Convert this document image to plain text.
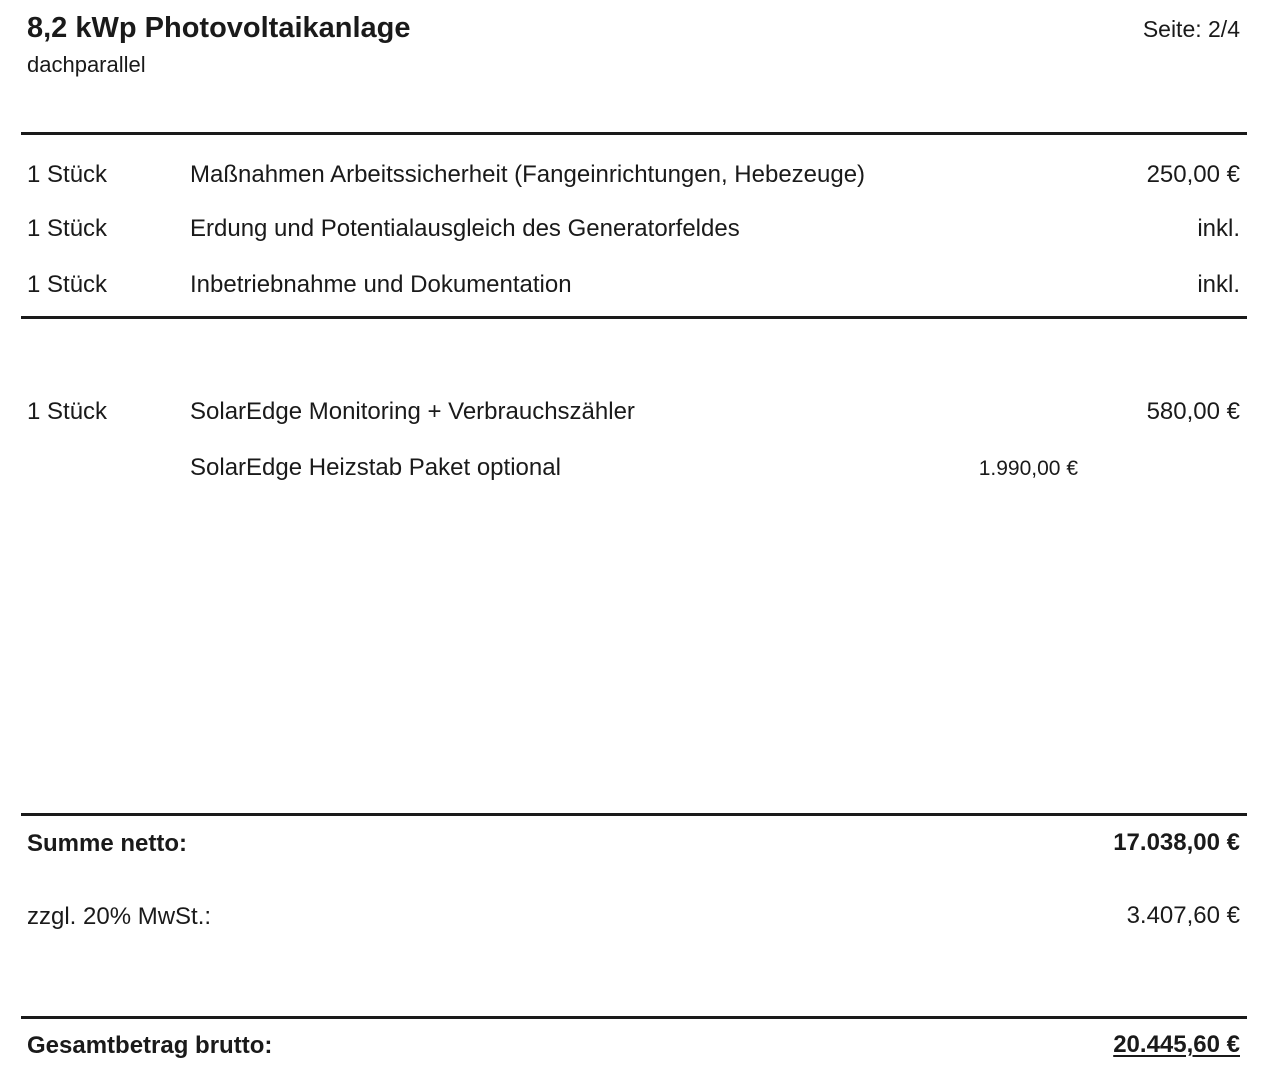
8,2 kWp Photovoltaikanlage
dachparallel
Seite: 2/4
1 Stück	Maßnahmen Arbeitssicherheit (Fangeinrichtungen, Hebezeuge)	250,00 €
1 Stück	Erdung und Potentialausgleich des Generatorfeldes	inkl.
1 Stück	Inbetriebnahme und Dokumentation	inkl.
1 Stück	SolarEdge Monitoring + Verbrauchszähler	580,00 €
SolarEdge Heizstab Paket optional	1.990,00 €
Summe netto:	17.038,00 €
zzgl. 20% MwSt.:	3.407,60 €
Gesamtbetrag brutto:	20.445,60 €
